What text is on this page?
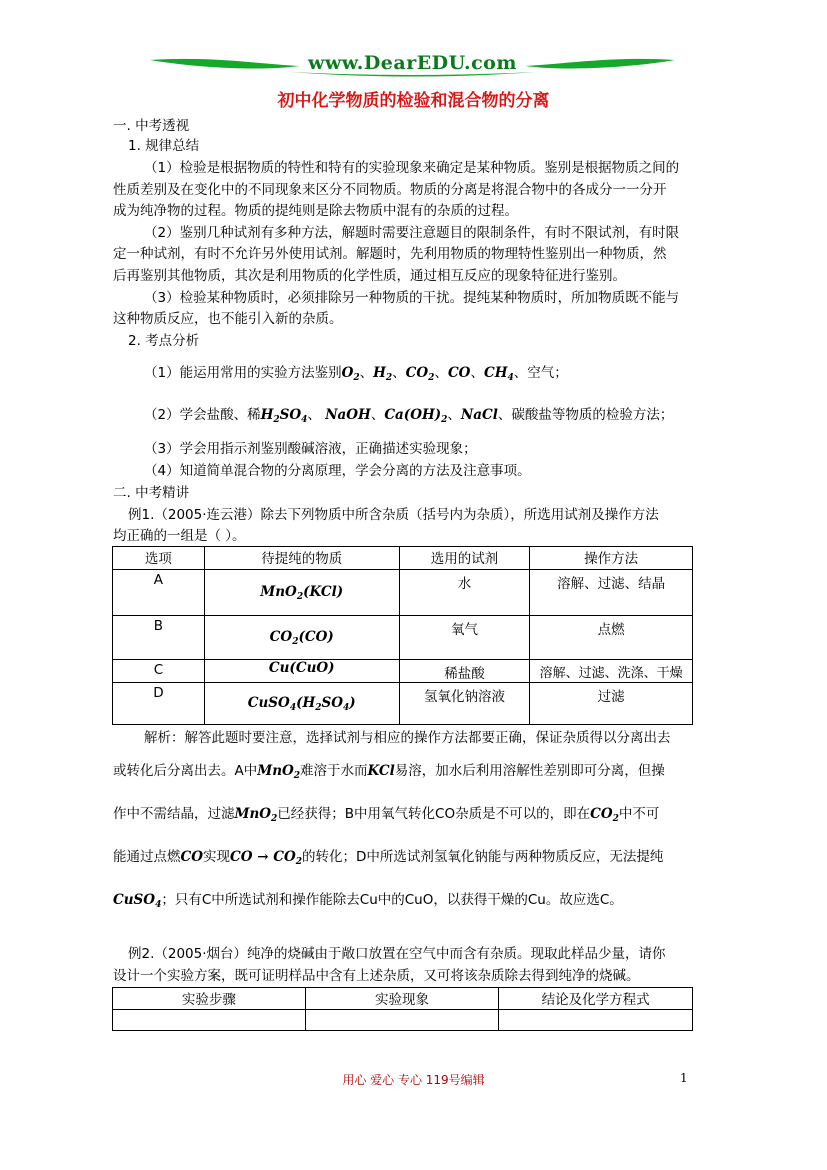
www.DearEDU.com
初中化学物质的检验和混合物的分离
一. 中考透视
1. 规律总结
（1）检验是根据物质的特性和特有的实验现象来确定是某种物质。鉴别是根据物质之间的
性质差别及在变化中的不同现象来区分不同物质。物质的分离是将混合物中的各成分一一分开
成为纯净物的过程。物质的提纯则是除去物质中混有的杂质的过程。
（2）鉴别几种试剂有多种方法，解题时需要注意题目的限制条件，有时不限试剂，有时限
定一种试剂，有时不允许另外使用试剂。解题时，先利用物质的物理特性鉴别出一种物质，然
后再鉴别其他物质，其次是利用物质的化学性质，通过相互反应的现象特征进行鉴别。
（3）检验某种物质时，必须排除另一种物质的干扰。提纯某种物质时，所加物质既不能与
这种物质反应，也不能引入新的杂质。
2. 考点分析
（1）能运用常用的实验方法鉴别$O_2$、$H_2$、$CO_2$、CO、$CH_4$、空气；
（2）学会盐酸、稀$H_2SO_4$、 NaOH、$Ca(OH)_2$、NaCl、碳酸盐等物质的检验方法；
（3）学会用指示剂鉴别酸碱溶液，正确描述实验现象；
（4）知道简单混合物的分离原理，学会分离的方法及注意事项。
二. 中考精讲
例1.（2005·连云港）除去下列物质中所含杂质（括号内为杂质），所选用试剂及操作方法
均正确的一组是（ ）。
选项	待提纯的物质	选用的试剂	操作方法

A	MnO$_2$(KCl)	水	溶解、过滤、结晶

B	$CO_2(CO)$	氧气	点燃

C	Cu(CuO)	稀盐酸	溶解、过滤、洗涤、干燥

D	$CuSO_4(H_2SO_4)$	氢氧化钠溶液	过滤
解析：解答此题时要注意，选择试剂与相应的操作方法都要正确，保证杂质得以分离出去
或转化后分离出去。A中MnO$_2$难溶于水而KCl易溶，加水后利用溶解性差别即可分离，但操
作中不需结晶，过滤MnO$_2$已经获得；B中用氧气转化CO杂质是不可以的，即在$CO_2$中不可
能通过点燃CO实现CO → $CO_2$的转化；D中所选试剂氢氧化钠能与两种物质反应，无法提纯
CuSO$_4$；只有C中所选试剂和操作能除去Cu中的CuO，以获得干燥的Cu。故应选C。
例2.（2005·烟台）纯净的烧碱由于敞口放置在空气中而含有杂质。现取此样品少量，请你
设计一个实验方案，既可证明样品中含有上述杂质，又可将该杂质除去得到纯净的烧碱。
实验步骤	实验现象	结论及化学方程式

用心 爱心 专心 119号编辑	1
